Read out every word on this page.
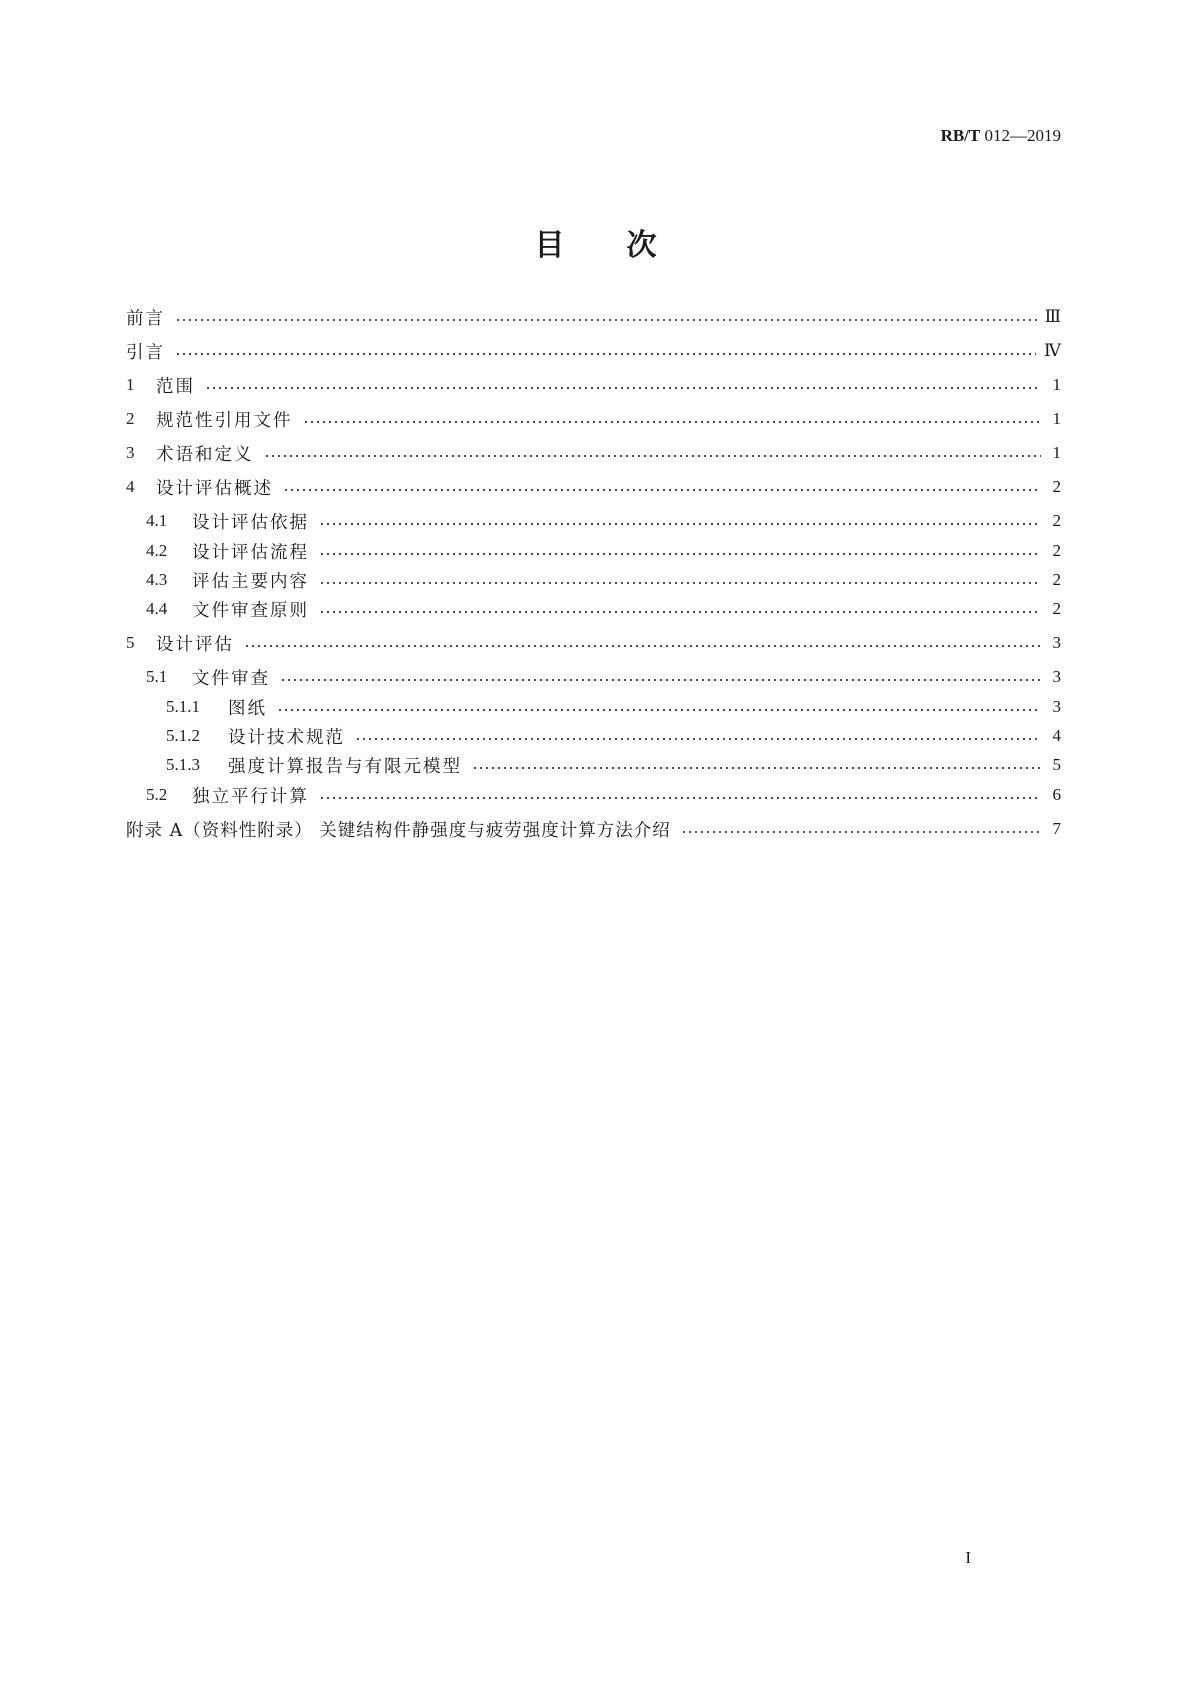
RB/T 012—2019
目 次
前言	Ⅲ
引言	Ⅳ
1	范围	1
2	规范性引用文件	1
3	术语和定义	1
4	设计评估概述	2
4.1	设计评估依据	2
4.2	设计评估流程	2
4.3	评估主要内容	2
4.4	文件审查原则	2
5	设计评估	3
5.1	文件审查	3
5.1.1	图纸	3
5.1.2	设计技术规范	4
5.1.3	强度计算报告与有限元模型	5
5.2	独立平行计算	6
附录 A（资料性附录） 关键结构件静强度与疲劳强度计算方法介绍	7
I
